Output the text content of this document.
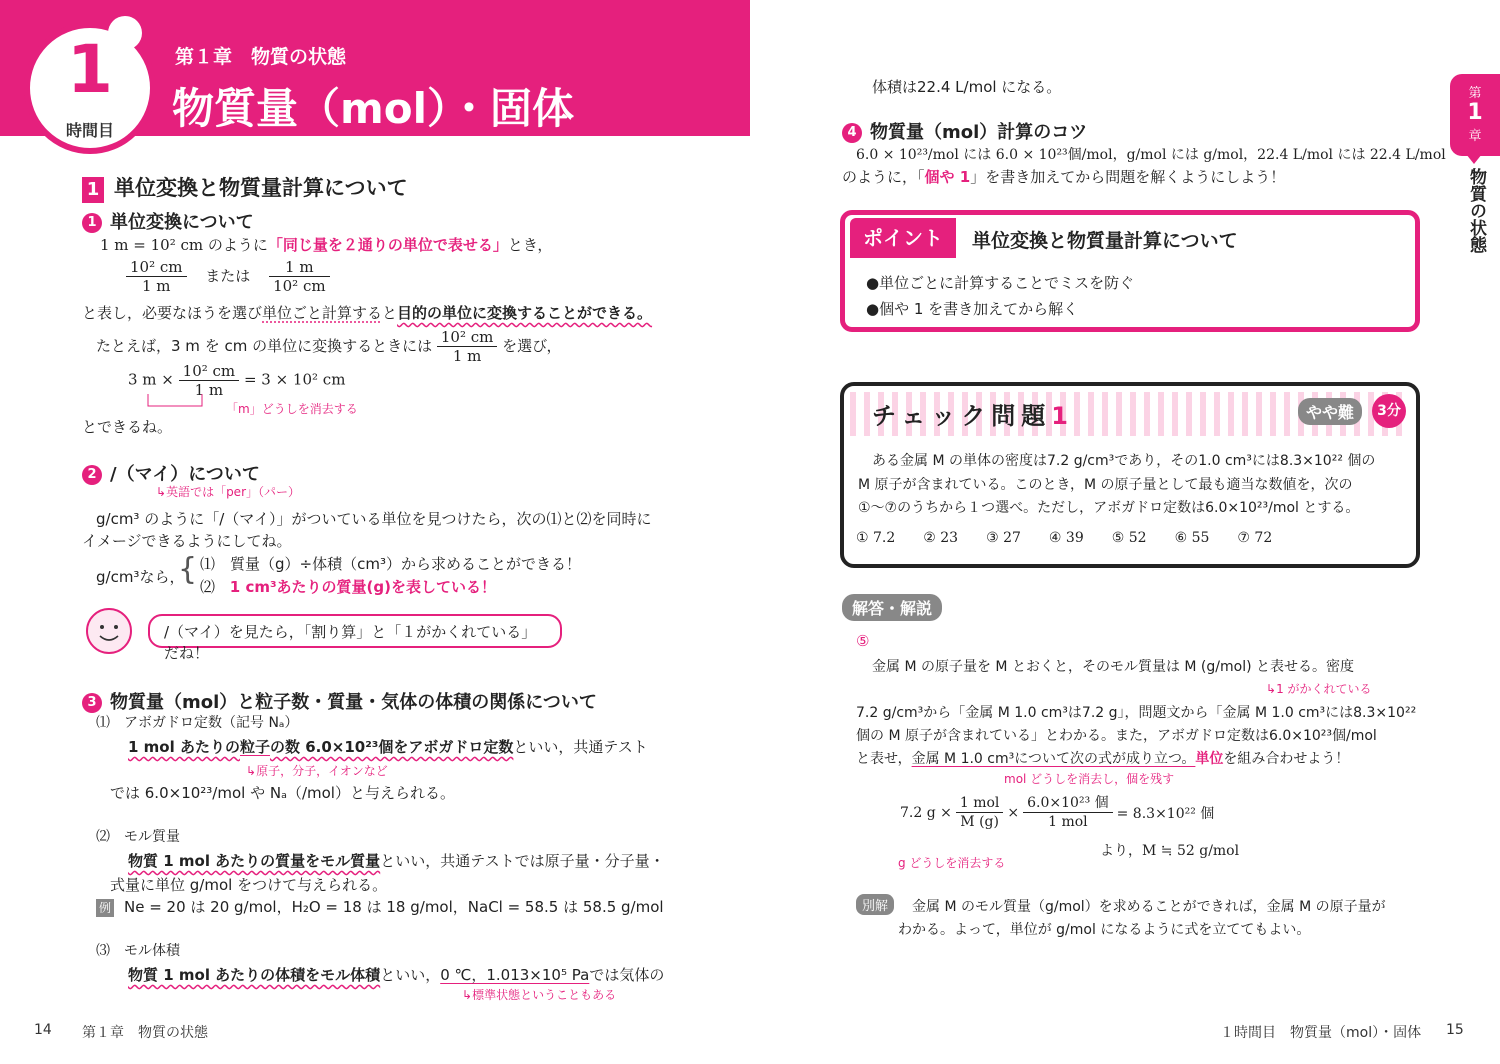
1
時間目
第１章　物質の状態
物質量（mol）・固体
1 単位変換と物質量計算について
1 単位変換について
1 m = 10² cm のように「同じ量を２通りの単位で表せる」とき，
$\frac{\text{10² cm}}{1 m}$ または $\frac{1 m}{\text{10² cm}}$
と表し，必要なほうを選び単位ごと計算すると目的の単位に変換することができる。
たとえば，3 m を cm の単位に変換するときには $\frac{\text{10² cm}}{1 m}$ を選び，
3 $m \times \frac{\text{10² cm}}{1 m} = 3 \times 10^2$ cm
「m」どうしを消去する
とできるね。
2 /（マイ）について
↳英語では「per」（パー）
g/cm³ のように「/（マイ）」がついている単位を見つけたら，次の⑴と⑵を同時に
イメージできるようにしてね。
g/cm³なら，
{ ⑴　質量（g）÷体積（cm³）から求めることができる！
⑵ 1 cm³あたりの質量(g)を表している！
/（マイ）を見たら，「割り算」と「１がかくれている」だね！
3 物質量（mol）と粒子数・質量・気体の体積の関係について
⑴　アボガドロ定数（記号 Nₐ）
1 mol あたりの粒子の数 6.0×10²³個をアボガドロ定数といい，共通テスト
↳原子，分子，イオンなど
では 6.0×10²³/mol や Nₐ（/mol）と与えられる。
⑵　モル質量
物質 1 mol あたりの質量をモル質量といい，共通テストでは原子量・分子量・
式量に単位 g/mol をつけて与えられる。
例 Ne = 20 は 20 g/mol，H₂O = 18 は 18 g/mol，NaCl = 58.5 は 58.5 g/mol
⑶　モル体積
物質 1 mol あたりの体積をモル体積といい，0 ℃，1.013×10⁵ Paでは気体の
↳標準状態ということもある
体積は22.4 L/mol になる。
4 物質量（mol）計算のコツ
6.0 × 10²³/mol には 6.0 × 10²³個/mol，g/mol には g/mol，22.4 L/mol には 22.4 L/mol
のように，「個や 1」を書き加えてから問題を解くようにしよう！
ポイント	単位変換と物質量計算について
●単位ごとに計算することでミスを防ぐ
●個や 1 を書き加えてから解く
チェック問題1	やや難	3分
ある金属 M の単体の密度は7.2 g/cm³であり，その1.0 cm³には8.3×10²² 個の
M 原子が含まれている。このとき，M の原子量として最も適当な数値を，次の
①～⑦のうちから１つ選べ。ただし，アボガドロ定数は6.0×10²³/mol とする。
① 7.2 ② 23 ③ 27 ④ 39 ⑤ 52 ⑥ 55 ⑦ 72
解答・解説
⑤
金属 M の原子量を M とおくと，そのモル質量は M (g/mol) と表せる。密度
↳1 がかくれている
7.2 g/cm³から「金属 M 1.0 cm³は7.2 g」，問題文から「金属 M 1.0 cm³には8.3×10²²
個の M 原子が含まれている」とわかる。また，アボガドロ定数は6.0×10²³個/mol
と表せ，金属 M 1.0 cm³について次の式が成り立つ。単位を組み合わせよう！
mol どうしを消去し，個を残す
7.2 $g \times \frac{\text{1 mol}}{M (g)} \times \frac{\text{6.0×10²³ 個}}{\text{1 mol}} = 8.3\times 10^{22}$ 個
g どうしを消去する
より，M ≒ 52 g/mol
別解	金属 M のモル質量（g/mol）を求めることができれば，金属 M の原子量が
わかる。よって，単位が g/mol になるように式を立ててもよい。
第
1
章
物質の状態
14 第１章　物質の状態	１時間目　物質量（mol）・固体 15
